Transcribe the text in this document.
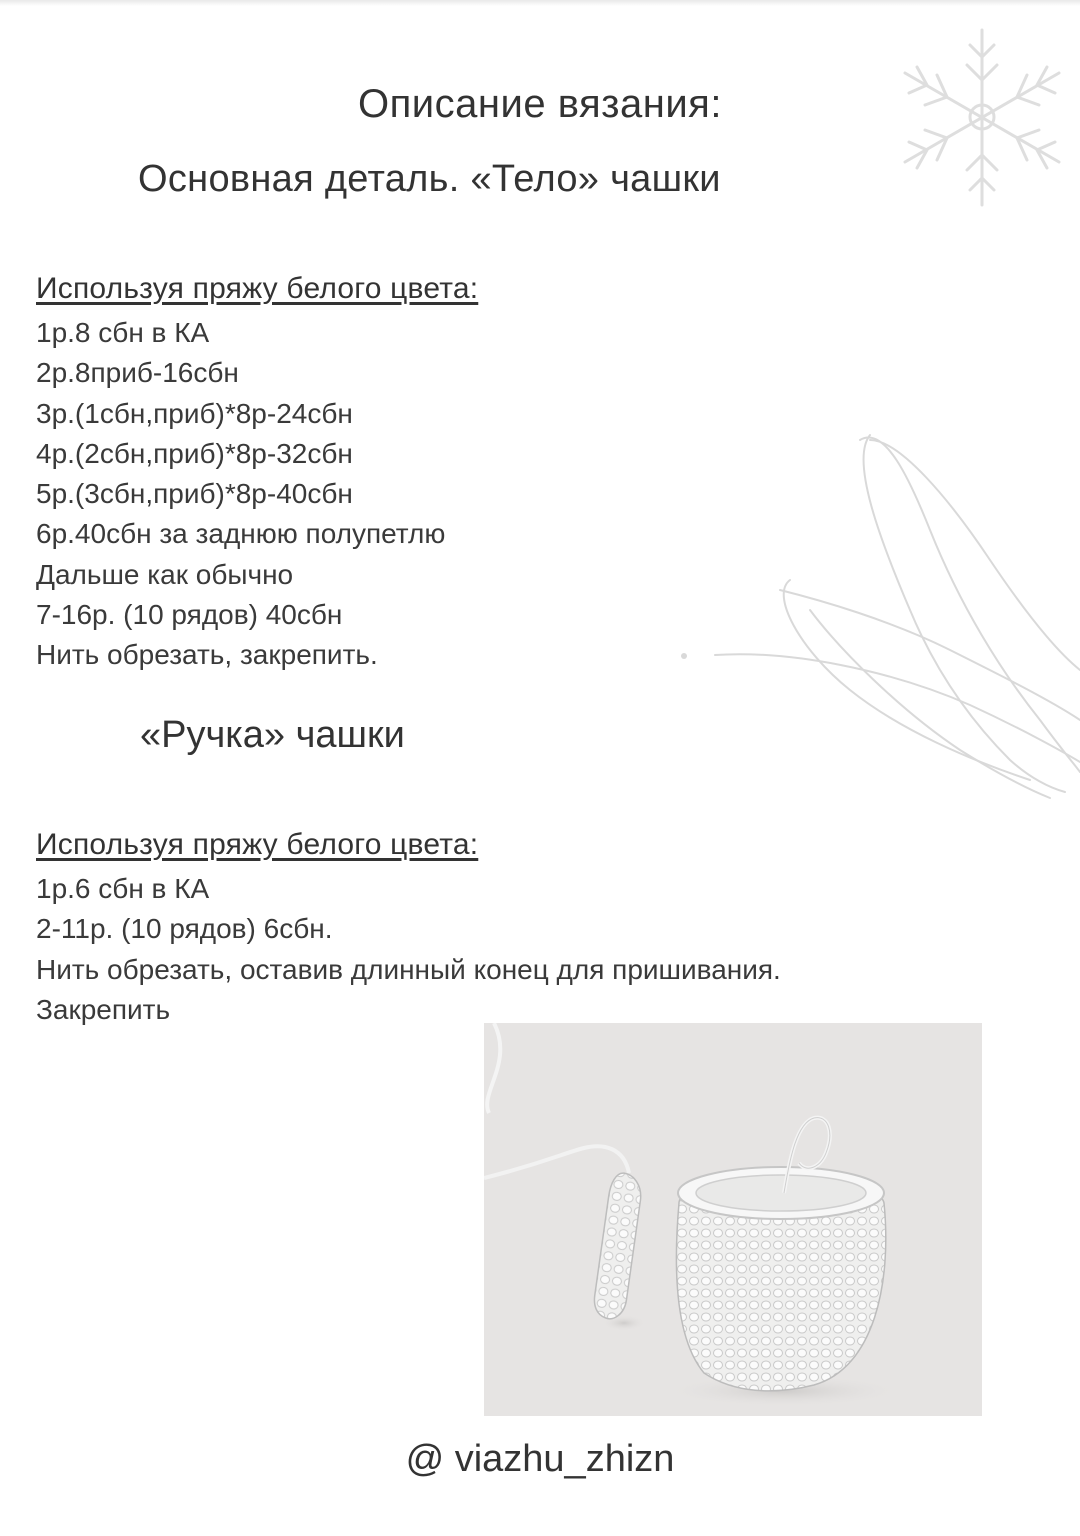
Описание вязания:
Основная деталь. «Тело» чашки

Используя пряжу белого цвета:

1р.8 сбн в КА
2р.8приб-16сбн
3р.(1сбн,приб)*8р-24сбн
4р.(2сбн,приб)*8р-32сбн
5р.(3сбн,приб)*8р-40сбн
6р.40сбн за заднюю полупетлю
Дальше как обычно
7-16р. (10 рядов) 40сбн
Нить обрезать, закрепить.
«Ручка» чашки

Используя пряжу белого цвета:

1р.6 сбн в КА
2-11р. (10 рядов) 6сбн.
Нить обрезать, оставив длинный конец для пришивания.
Закрепить

@ viazhu_zhizn
